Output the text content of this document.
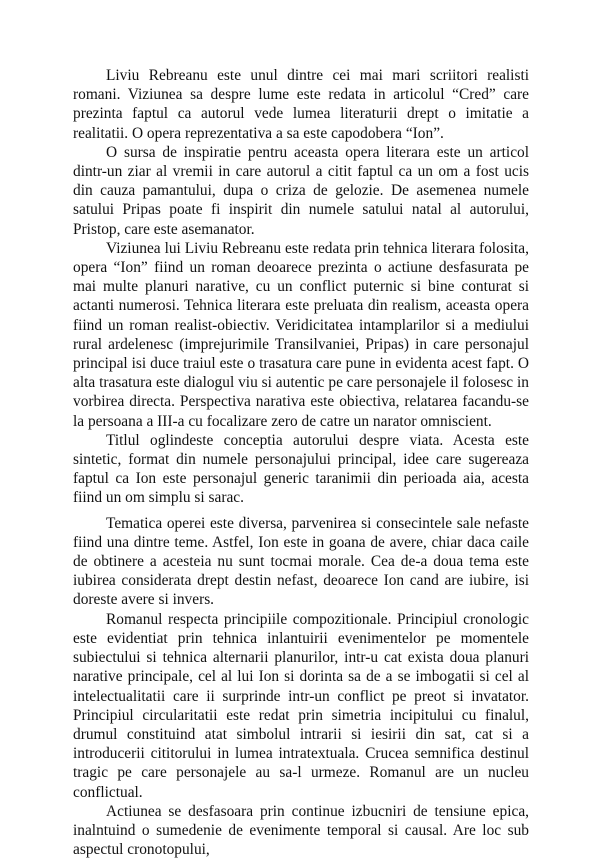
Liviu Rebreanu este unul dintre cei mai mari scriitori realisti romani. Viziunea sa despre lume este redata in articolul “Cred” care prezinta faptul ca autorul vede lumea literaturii drept o imitatie a realitatii. O opera reprezentativa a sa este capodobera “Ion”.

O sursa de inspiratie pentru aceasta opera literara este un articol dintr-un ziar al vremii in care autorul a citit faptul ca un om a fost ucis din cauza pamantului, dupa o criza de gelozie. De asemenea numele satului Pripas poate fi inspirit din numele satului natal al autorului, Pristop, care este asemanator.

Viziunea lui Liviu Rebreanu este redata prin tehnica literara folosita, opera “Ion” fiind un roman deoarece prezinta o actiune desfasurata pe mai multe planuri narative, cu un conflict puternic si bine conturat si actanti numerosi. Tehnica literara este preluata din realism, aceasta opera fiind un roman realist-obiectiv. Veridicitatea intamplarilor si a mediului rural ardelenesc (imprejurimile Transilvaniei, Pripas) in care personajul principal isi duce traiul este o trasatura care pune in evidenta acest fapt. O alta trasatura este dialogul viu si autentic pe care personajele il folosesc in vorbirea directa. Perspectiva narativa este obiectiva, relatarea facandu-se la persoana a III-a cu focalizare zero de catre un narator omniscient.

Titlul oglindeste conceptia autorului despre viata. Acesta este sintetic, format din numele personajului principal, idee care sugereaza faptul ca Ion este personajul generic taranimii din perioada aia, acesta fiind un om simplu si sarac.

Tematica operei este diversa, parvenirea si consecintele sale nefaste fiind una dintre teme. Astfel, Ion este in goana de avere, chiar daca caile de obtinere a acesteia nu sunt tocmai morale. Cea de-a doua tema este iubirea considerata drept destin nefast, deoarece Ion cand are iubire, isi doreste avere si invers.

Romanul respecta principiile compozitionale. Principiul cronologic este evidentiat prin tehnica inlantuirii evenimentelor pe momentele subiectului si tehnica alternarii planurilor, intr-u cat exista doua planuri narative principale, cel al lui Ion si dorinta sa de a se imbogatii si cel al intelectualitatii care ii surprinde intr-un conflict pe preot si invatator. Principiul circularitatii este redat prin simetria incipitului cu finalul, drumul constituind atat simbolul intrarii si iesirii din sat, cat si a introducerii cititorului in lumea intratextuala. Crucea semnifica destinul tragic pe care personajele au sa-l urmeze. Romanul are un nucleu conflictual.

Actiunea se desfasoara prin continue izbucniri de tensiune epica, inalntuind o sumedenie de evenimente temporal si causal. Are loc sub aspectul cronotopului,
